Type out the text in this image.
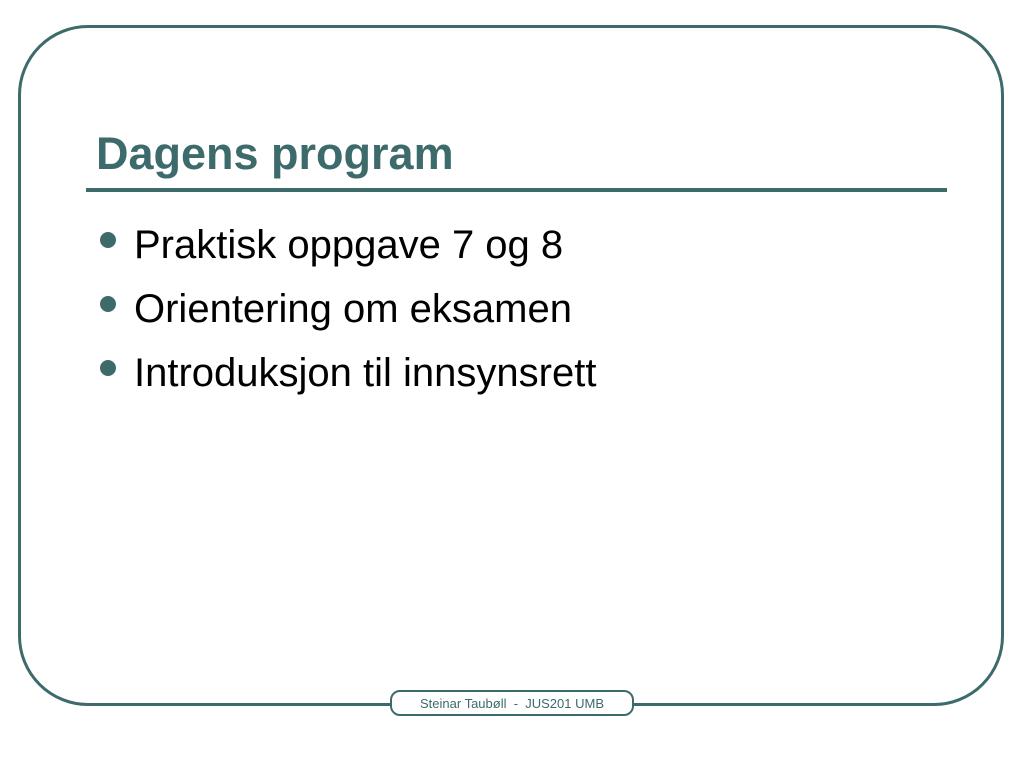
Dagens program
Praktisk oppgave 7 og 8
Orientering om eksamen
Introduksjon til innsynsrett
Steinar Taubøll  -  JUS201 UMB
